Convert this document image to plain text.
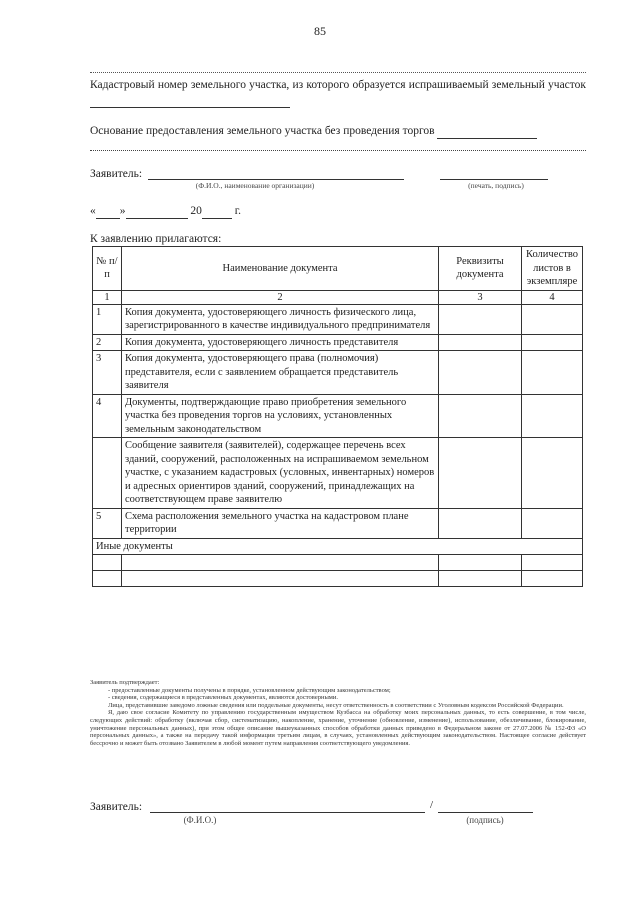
85
Кадастровый номер земельного участка, из которого образуется испрашиваемый земельный участок
Основание предоставления земельного участка без проведения торгов
Заявитель:
(Ф.И.О., наименование организации)	(печать, подпись)
« »	20	г.
К заявлению прилагаются:
№ п/п	Наименование документа	Реквизиты документа	Количество листов в экземпляре
1	2	3	4
1	Копия документа, удостоверяющего личность физического лица, зарегистрированного в качестве индивидуального предпринимателя		
2	Копия документа, удостоверяющего личность представителя		
3	Копия документа, удостоверяющего права (полномочия) представителя, если с заявлением обращается представитель заявителя		
4	Документы, подтверждающие право приобретения земельного участка без проведения торгов на условиях, установленных земельным законодательством		
	Сообщение заявителя (заявителей), содержащее перечень всех зданий, сооружений, расположенных на испрашиваемом земельном участке, с указанием кадастровых (условных, инвентарных) номеров и адресных ориентиров зданий, сооружений, принадлежащих на соответствующем праве заявителю		
5	Схема расположения земельного участка на кадастровом плане территории		
Иные документы			

Заявитель подтверждает:
- предоставленные документы получены в порядке, установленном действующим законодательством;
- сведения, содержащиеся в представленных документах, являются достоверными.
Лица, представившие заведомо ложные сведения или поддельные документы, несут ответственность в соответствии с Уголовным кодексом Российской Федерации.
Я, даю свое согласие Комитету по управлению государственным имуществом Кузбасса на обработку моих персональных данных, то есть совершение, в том числе, следующих действий: обработку (включая сбор, систематизацию, накопление, хранение, уточнение (обновление, изменение), использование, обезличивание, блокирование, уничтожение персональных данных), при этом общее описание вышеуказанных способов обработки данных приведено в Федеральном законе от 27.07.2006 № 152-ФЗ «О персональных данных», а также на передачу такой информации третьим лицам, в случаях, установленных действующим законодательством. Настоящее согласие действует бессрочно и может быть отозвано Заявителем в любой момент путем направления соответствующего уведомления.
Заявитель:	/
(Ф.И.О.)	(подпись)
